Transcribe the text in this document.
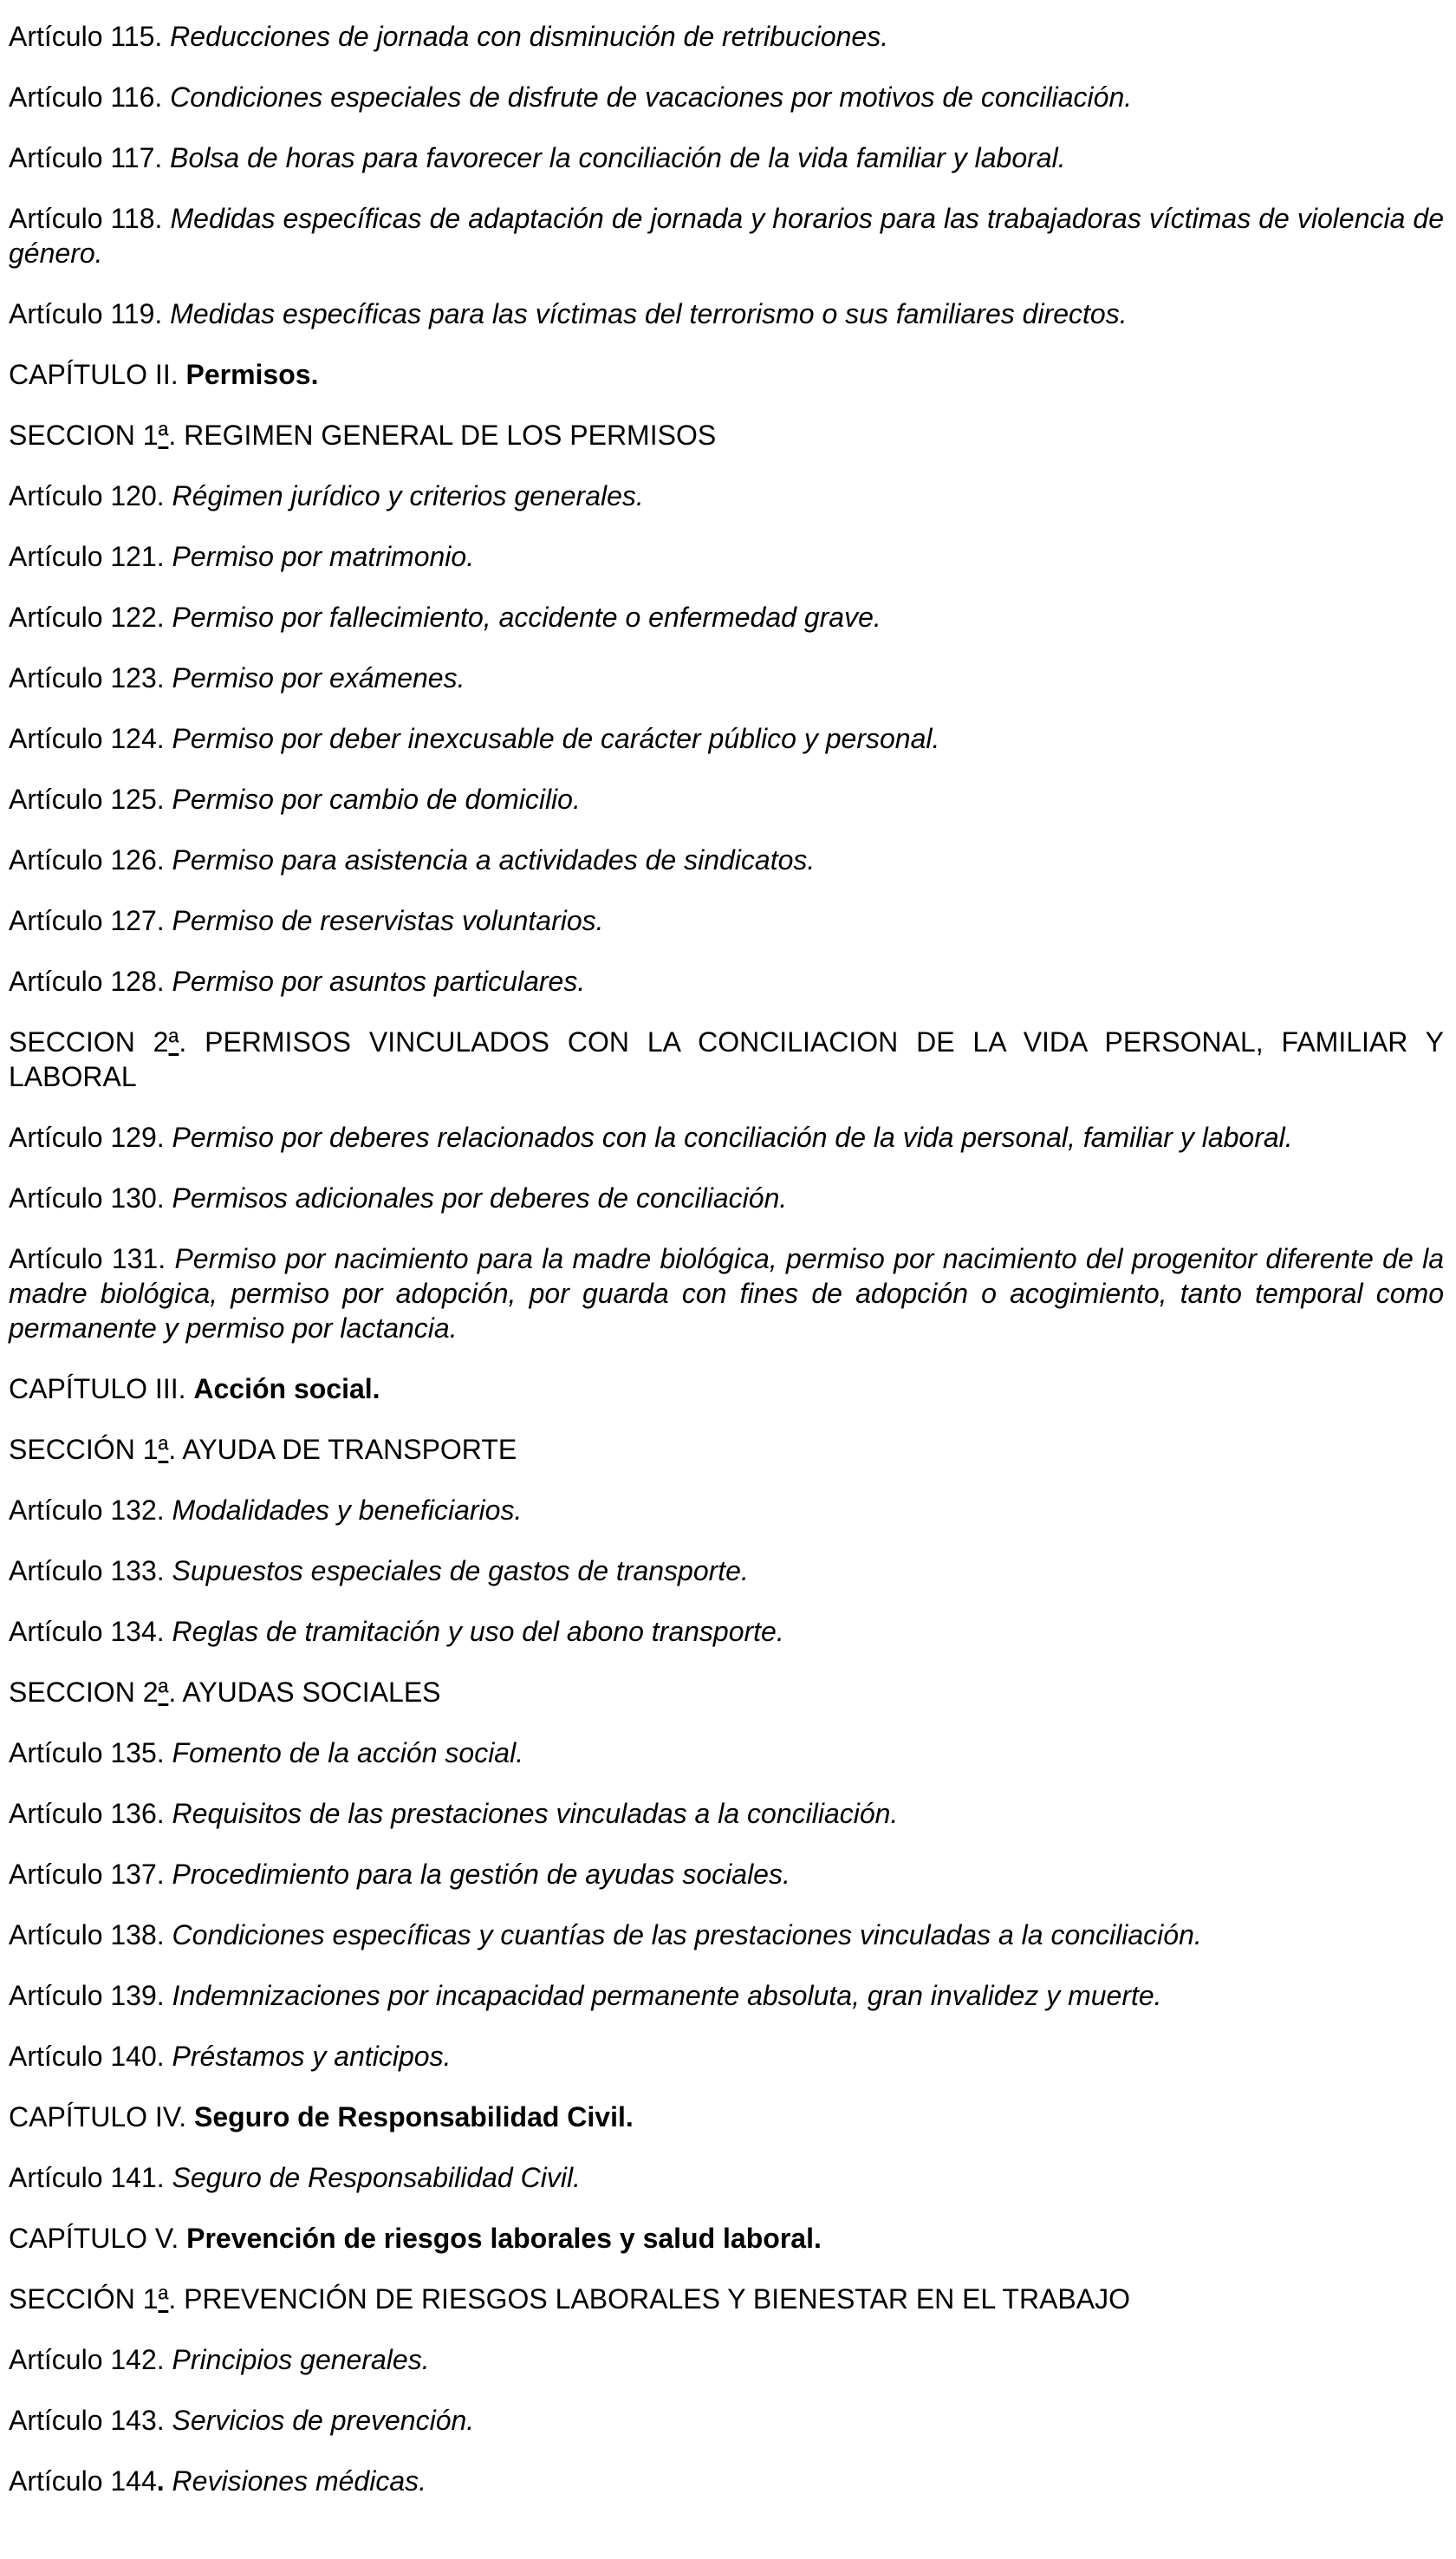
Artículo 115. Reducciones de jornada con disminución de retribuciones.

Artículo 116. Condiciones especiales de disfrute de vacaciones por motivos de conciliación.

Artículo 117. Bolsa de horas para favorecer la conciliación de la vida familiar y laboral.

Artículo 118. Medidas específicas de adaptación de jornada y horarios para las trabajadoras víctimas de violencia de género.

Artículo 119. Medidas específicas para las víctimas del terrorismo o sus familiares directos.

CAPÍTULO II. Permisos.

SECCION 1ª. REGIMEN GENERAL DE LOS PERMISOS

Artículo 120. Régimen jurídico y criterios generales.

Artículo 121. Permiso por matrimonio.

Artículo 122. Permiso por fallecimiento, accidente o enfermedad grave.

Artículo 123. Permiso por exámenes.

Artículo 124. Permiso por deber inexcusable de carácter público y personal.

Artículo 125. Permiso por cambio de domicilio.

Artículo 126. Permiso para asistencia a actividades de sindicatos.

Artículo 127. Permiso de reservistas voluntarios.

Artículo 128. Permiso por asuntos particulares.

SECCION 2ª. PERMISOS VINCULADOS CON LA CONCILIACION DE LA VIDA PERSONAL, FAMILIAR Y LABORAL

Artículo 129. Permiso por deberes relacionados con la conciliación de la vida personal, familiar y laboral.

Artículo 130. Permisos adicionales por deberes de conciliación.

Artículo 131. Permiso por nacimiento para la madre biológica, permiso por nacimiento del progenitor diferente de la madre biológica, permiso por adopción, por guarda con fines de adopción o acogimiento, tanto temporal como permanente y permiso por lactancia.

CAPÍTULO III. Acción social.

SECCIÓN 1ª. AYUDA DE TRANSPORTE

Artículo 132. Modalidades y beneficiarios.

Artículo 133. Supuestos especiales de gastos de transporte.

Artículo 134. Reglas de tramitación y uso del abono transporte.

SECCION 2ª. AYUDAS SOCIALES

Artículo 135. Fomento de la acción social.

Artículo 136. Requisitos de las prestaciones vinculadas a la conciliación.

Artículo 137. Procedimiento para la gestión de ayudas sociales.

Artículo 138. Condiciones específicas y cuantías de las prestaciones vinculadas a la conciliación.

Artículo 139. Indemnizaciones por incapacidad permanente absoluta, gran invalidez y muerte.

Artículo 140. Préstamos y anticipos.

CAPÍTULO IV. Seguro de Responsabilidad Civil.

Artículo 141. Seguro de Responsabilidad Civil.

CAPÍTULO V. Prevención de riesgos laborales y salud laboral.

SECCIÓN 1ª. PREVENCIÓN DE RIESGOS LABORALES Y BIENESTAR EN EL TRABAJO

Artículo 142. Principios generales.

Artículo 143. Servicios de prevención.

Artículo 144. Revisiones médicas.
